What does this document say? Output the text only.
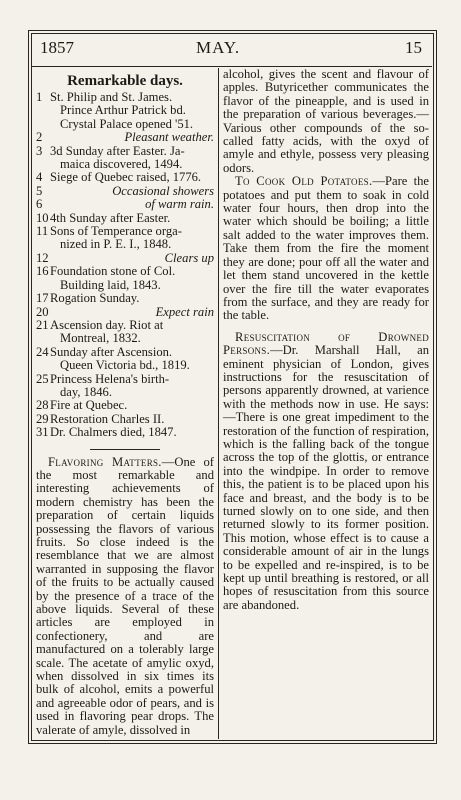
1857	MAY.	15
Remarkable days.
1 St. Philip and St. James.
Prince Arthur Patrick bd.
Crystal Palace opened '51.
2	Pleasant weather.
3 3d Sunday after Easter. Ja-
maica discovered, 1494.
4 Siege of Quebec raised, 1776.
5	Occasional showers
6	of warm rain.
10 4th Sunday after Easter.
11 Sons of Temperance orga-
nized in P. E. I., 1848.
12	Clears up
16 Foundation stone of Col.
Building laid, 1843.
17 Rogation Sunday.
20	Expect rain
21 Ascension day. Riot at
Montreal, 1832.
24 Sunday after Ascension.
Queen Victoria bd., 1819.
25 Princess Helena's birth-
day, 1846.
28 Fire at Quebec.
29 Restoration Charles II.
31 Dr. Chalmers died, 1847.

Flavoring Matters.—One of the most remarkable and interesting achievements of modern chemistry has been the preparation of certain liquids possessing the flavors of various fruits. So close indeed is the resemblance that we are almost warranted in supposing the flavor of the fruits to be actually caused by the presence of a trace of the above liquids. Several of these articles are employed in confectionery, and are manufactured on a tolerably large scale. The acetate of amylic oxyd, when dissolved in six times its bulk of alcohol, emits a powerful and agreeable odor of pears, and is used in flavoring pear drops. The valerate of amyle, dissolved in

alcohol, gives the scent and flavour of apples. Butyricether communicates the flavor of the pineapple, and is used in the preparation of various beverages.—Various other compounds of the so-called fatty acids, with the oxyd of amyle and ethyle, possess very pleasing odors.

To Cook Old Potatoes.—Pare the potatoes and put them to soak in cold water four hours, then drop into the water which should be boiling; a little salt added to the water improves them. Take them from the fire the moment they are done; pour off all the water and let them stand uncovered in the kettle over the fire till the water evaporates from the surface, and they are ready for the table.

Resuscitation of Drowned Persons.—Dr. Marshall Hall, an eminent physician of London, gives instructions for the resuscitation of persons apparently drowned, at varience with the methods now in use. He says:—There is one great impediment to the restoration of the function of respiration, which is the falling back of the tongue across the top of the glottis, or entrance into the windpipe. In order to remove this, the patient is to be placed upon his face and breast, and the body is to be turned slowly on to one side, and then returned slowly to its former position. This motion, whose effect is to cause a considerable amount of air in the lungs to be expelled and re-inspired, is to be kept up until breathing is restored, or all hopes of resuscitation from this source are abandoned.
